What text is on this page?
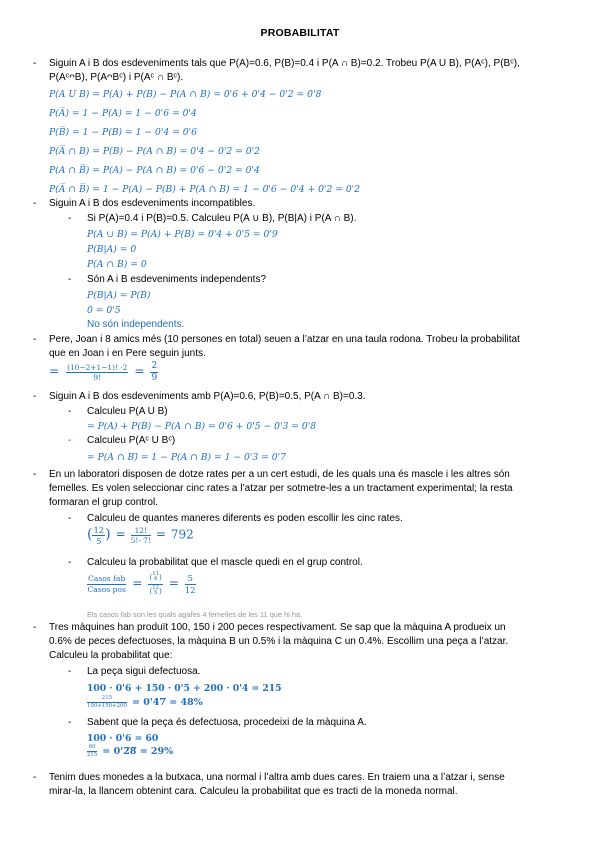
PROBABILITAT
- Siguin A i B dos esdeveniments tals que P(A)=0.6, P(B)=0.4 i P(A ∩ B)=0.2. Trobeu P(A U B), P(Aᶜ), P(Bᶜ),
P(AᶜᴖB), P(AᴖBᶜ) i P(Aᶜ ∩ Bᶜ).
P(A U B) = P(A) + P(B) − P(A ∩ B) = 0'6 + 0'4 − 0'2 = 0'8
P(A̅) = 1 − P(A) = 1 − 0'6 = 0'4
P(B̅) = 1 − P(B) = 1 − 0'4 = 0'6
P(A̅ ∩ B) = P(B) − P(A ∩ B) = 0'4 − 0'2 = 0'2
P(A ∩ B̅) = P(A) − P(A ∩ B) = 0'6 − 0'2 = 0'4
P(A̅ ∩ B̅) = 1 − P(A) − P(B) + P(A ∩ B) = 1 − 0'6 − 0'4 + 0'2 = 0'2
- Siguin A i B dos esdeveniments incompatibles.
- Si P(A)=0.4 i P(B)=0.5. Calculeu P(A ∪ B), P(B|A) i P(A ∩ B).
P(A ∪ B) = P(A) + P(B) = 0'4 + 0'5 = 0'9
P(B|A) = 0
P(A ∩ B) = 0
- Són A i B esdeveniments independents?
P(B|A) = P(B)
0 = 0'5
No són independents.
- Pere, Joan i 8 amics més (10 persones en total) seuen a l’atzar en una taula rodona. Trobeu la probabilitat
que en Joan i en Pere seguin junts.
= $\frac{(10-2+1-1)! \cdot 2}{9!} = \frac{2}{9}$
- Siguin A i B dos esdeveniments amb P(A)=0.6, P(B)=0.5, P(A ∩ B)=0.3.
- Calculeu P(A U B)
= P(A) + P(B) − P(A ∩ B) = 0'6 + 0'5 − 0'3 = 0'8
- Calculeu P(Aᶜ U Bᶜ)
= P(A ∩ B)̅ = 1 − P(A ∩ B) = 1 − 0'3 = 0'7
- En un laboratori disposen de dotze rates per a un cert estudi, de les quals una és mascle i les altres són
femelles. Es volen seleccionar cinc rates a l’atzar per sotmetre-les a un tractament experimental; la resta
formaran el grup control.
- Calculeu de quantes maneres diferents es poden escollir les cinc rates.
( $\frac{12}{5}$ ) = $\frac{12!}{5!\cdot 7!} = 792$
- Calculeu la probabilitat que el mascle quedi en el grup control.
$\frac{\text{Casos fab}}{\text{Casos pos}}$ = ( 11
4 )
( 12
5 ) = $\frac{5}{12}$
Els casos fab son les quals agafes 4 femelles de les 11 que hi ha.
- Tres màquines han produït 100, 150 i 200 peces respectivament. Se sap que la màquina A produeix un
0.6% de peces defectuoses, la màquina B un 0.5% i la màquina C un 0.4%. Escollim una peça a l’atzar.
Calculeu la probabilitat que:
- La peça sigui defectuosa.
100 · 0'6 + 150 · 0'5 + 200 · 0'4 = 215
$\frac{215}{100+150+200}$ = 0'47̅ = 48%
- Sabent que la peça és defectuosa, procedeixi de la màquina A.
100 · 0'6 = 60
$\frac{60}{215}$ = 0'2̅8̅ = 29%
- Tenim dues monedes a la butxaca, una normal i l’altra amb dues cares. En traiem una a l’atzar i, sense
mirar-la, la llancem obtenint cara. Calculeu la probabilitat que es tracti de la moneda normal.
